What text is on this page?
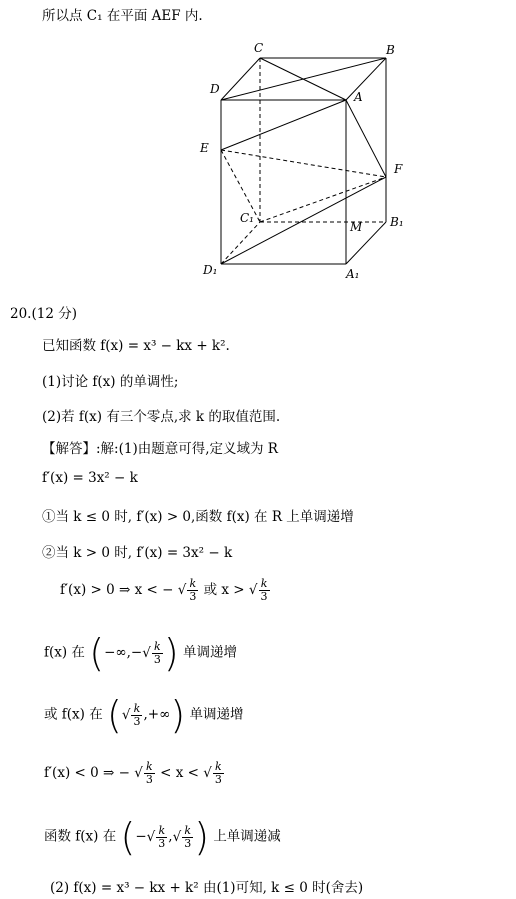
所以点 C₁ 在平面 AEF 内.
C	B
D
A
E
F
C₁	B₁
M
D₁	A₁
20.(12 分)
已知函数 f(x) = x³ − kx + k².
(1)讨论 f(x) 的单调性;
(2)若 f(x) 有三个零点,求 k 的取值范围.
【解答】:解:(1)由题意可得,定义域为 R
f′(x) = 3x² − k
①当 k ≤ 0 时, f′(x) > 0,函数 f(x) 在 R 上单调递增
②当 k > 0 时, f′(x) = 3x² − k
f′(x) > 0 ⇒ x < − √ $\frac{k}{3}$ 或 x > √ $\frac{k}{3}$
f(x) 在 (−∞,−√ $\frac{k}{3}$ ) 单调递增
或 f(x) 在 (√ $\frac{k}{3}$ ,+∞) 单调递增
f′(x) < 0 ⇒ − √ $\frac{k}{3} < x$ < √ $\frac{k}{3}$
函数 f(x) 在 (−√ $\frac{k}{3}$ ,√ $\frac{k}{3}$ ) 上单调递减
(2) f(x) = x³ − kx + k² 由(1)可知, k ≤ 0 时(舍去)
